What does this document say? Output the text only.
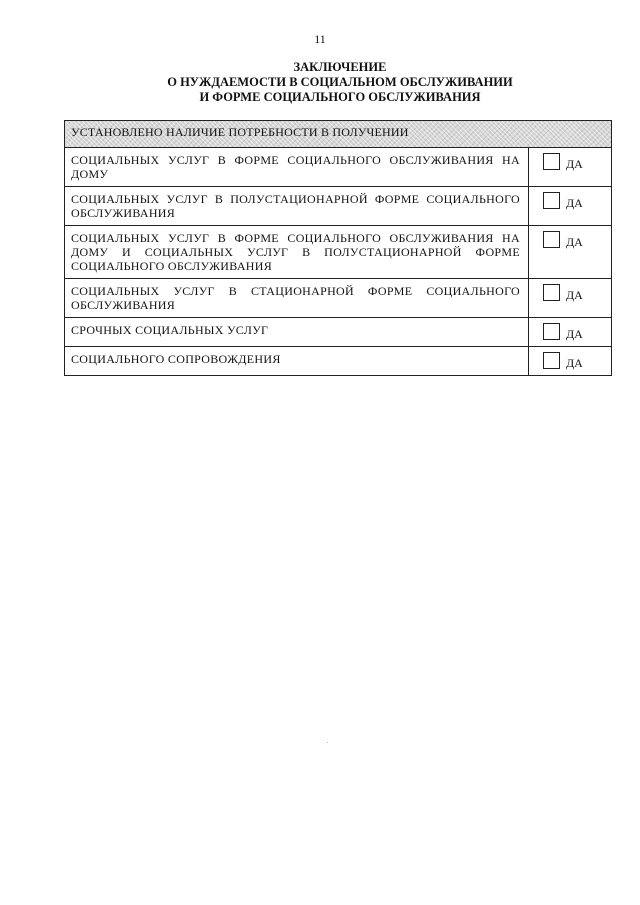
11
ЗАКЛЮЧЕНИЕ
О НУЖДАЕМОСТИ В СОЦИАЛЬНОМ ОБСЛУЖИВАНИИ
И ФОРМЕ СОЦИАЛЬНОГО ОБСЛУЖИВАНИЯ
УСТАНОВЛЕНО НАЛИЧИЕ ПОТРЕБНОСТИ В ПОЛУЧЕНИИ	
СОЦИАЛЬНЫХ УСЛУГ В ФОРМЕ СОЦИАЛЬНОГО ОБСЛУЖИВАНИЯ НА ДОМУ	ДА
СОЦИАЛЬНЫХ УСЛУГ В ПОЛУСТАЦИОНАРНОЙ ФОРМЕ СОЦИАЛЬНОГО ОБСЛУЖИВАНИЯ	ДА
СОЦИАЛЬНЫХ УСЛУГ В ФОРМЕ СОЦИАЛЬНОГО ОБСЛУЖИВАНИЯ НА ДОМУ И СОЦИАЛЬНЫХ УСЛУГ В ПОЛУСТАЦИОНАРНОЙ ФОРМЕ СОЦИАЛЬНОГО ОБСЛУЖИВАНИЯ	ДА
СОЦИАЛЬНЫХ УСЛУГ В СТАЦИОНАРНОЙ ФОРМЕ СОЦИАЛЬНОГО ОБСЛУЖИВАНИЯ	ДА
СРОЧНЫХ СОЦИАЛЬНЫХ УСЛУГ	ДА
СОЦИАЛЬНОГО СОПРОВОЖДЕНИЯ	ДА
